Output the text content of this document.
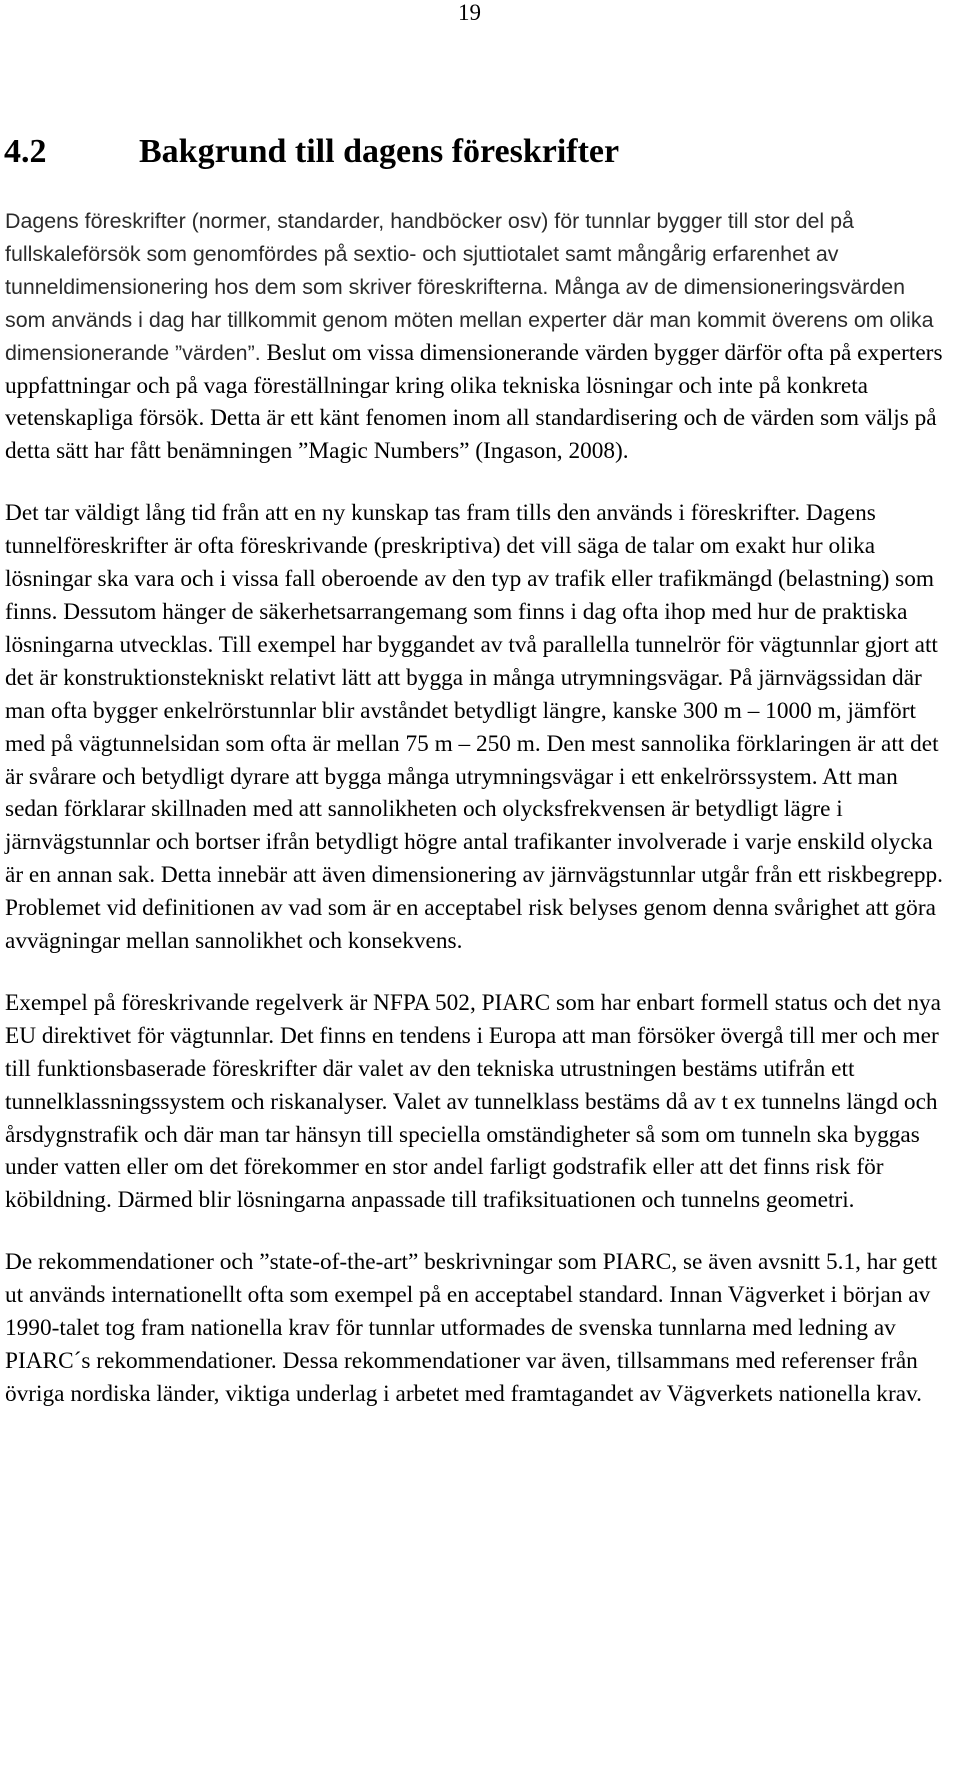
19
4.2	Bakgrund till dagens föreskrifter

Dagens föreskrifter (normer, standarder, handböcker osv) för tunnlar bygger till stor del på fullskaleförsök som genomfördes på sextio- och sjuttiotalet samt mångårig erfarenhet av tunneldimensionering hos dem som skriver föreskrifterna. Många av de dimensioneringsvärden som används i dag har tillkommit genom möten mellan experter där man kommit överens om olika dimensionerande ”värden”. Beslut om vissa dimensionerande värden bygger därför ofta på experters uppfattningar och på vaga föreställningar kring olika tekniska lösningar och inte på konkreta vetenskapliga försök. Detta är ett känt fenomen inom all standardisering och de värden som väljs på detta sätt har fått benämningen ”Magic Numbers” (Ingason, 2008).

Det tar väldigt lång tid från att en ny kunskap tas fram tills den används i föreskrifter. Dagens tunnelföreskrifter är ofta föreskrivande (preskriptiva) det vill säga de talar om exakt hur olika lösningar ska vara och i vissa fall oberoende av den typ av trafik eller trafikmängd (belastning) som finns. Dessutom hänger de säkerhetsarrangemang som finns i dag ofta ihop med hur de praktiska lösningarna utvecklas. Till exempel har byggandet av två parallella tunnelrör för vägtunnlar gjort att det är konstruktionstekniskt relativt lätt att bygga in många utrymningsvägar. På järnvägssidan där man ofta bygger enkelrörstunnlar blir avståndet betydligt längre, kanske 300 m – 1000 m, jämfört med på vägtunnelsidan som ofta är mellan 75 m – 250 m. Den mest sannolika förklaringen är att det är svårare och betydligt dyrare att bygga många utrymningsvägar i ett enkelrörssystem. Att man sedan förklarar skillnaden med att sannolikheten och olycksfrekvensen är betydligt lägre i järnvägstunnlar och bortser ifrån betydligt högre antal trafikanter involverade i varje enskild olycka är en annan sak. Detta innebär att även dimensionering av järnvägstunnlar utgår från ett riskbegrepp. Problemet vid definitionen av vad som är en acceptabel risk belyses genom denna svårighet att göra avvägningar mellan sannolikhet och konsekvens.

Exempel på föreskrivande regelverk är NFPA 502, PIARC som har enbart formell status och det nya EU direktivet för vägtunnlar. Det finns en tendens i Europa att man försöker övergå till mer och mer till funktionsbaserade föreskrifter där valet av den tekniska utrustningen bestäms utifrån ett tunnelklassningssystem och riskanalyser. Valet av tunnelklass bestäms då av t ex tunnelns längd och årsdygnstrafik och där man tar hänsyn till speciella omständigheter så som om tunneln ska byggas under vatten eller om det förekommer en stor andel farligt godstrafik eller att det finns risk för köbildning. Därmed blir lösningarna anpassade till trafiksituationen och tunnelns geometri.

De rekommendationer och ”state-of-the-art” beskrivningar som PIARC, se även avsnitt 5.1, har gett ut används internationellt ofta som exempel på en acceptabel standard. Innan Vägverket i början av 1990-talet tog fram nationella krav för tunnlar utformades de svenska tunnlarna med ledning av PIARC´s rekommendationer. Dessa rekommendationer var även, tillsammans med referenser från övriga nordiska länder, viktiga underlag i arbetet med framtagandet av Vägverkets nationella krav.
